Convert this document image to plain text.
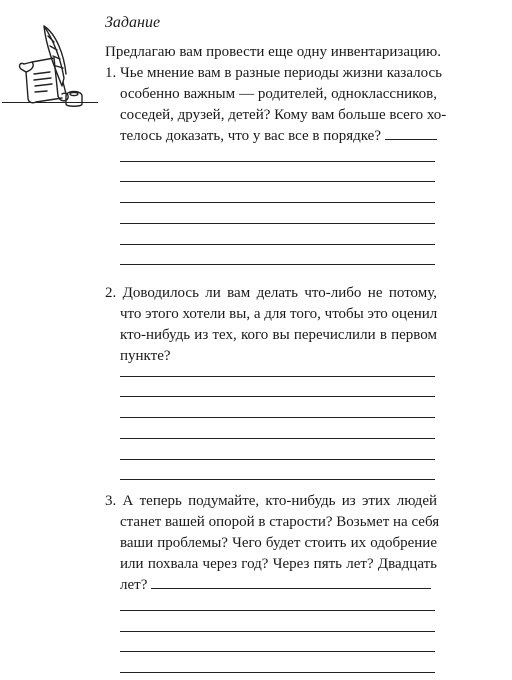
Задание
Предлагаю вам провести еще одну инвентаризацию.
1. Чье мнение вам в разные периоды жизни казалось
особенно важным — родителей, одноклассников,
соседей, друзей, детей? Кому вам больше всего хо-
телось доказать, что у вас все в порядке?
2. Доводилось ли вам делать что-либо не потому,
что этого хотели вы, а для того, чтобы это оценил
кто-нибудь из тех, кого вы перечислили в первом
пункте?
3. А теперь подумайте, кто-нибудь из этих людей
станет вашей опорой в старости? Возьмет на себя
ваши проблемы? Чего будет стоить их одобрение
или похвала через год? Через пять лет? Двадцать
лет?
